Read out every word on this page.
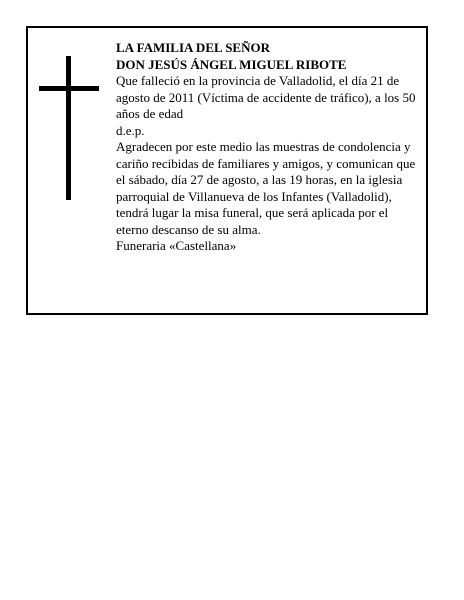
LA FAMILIA DEL SEÑOR

DON JESÚS ÁNGEL MIGUEL RIBOTE

Que falleció en la provincia de Valladolid, el día 21 de agosto de 2011 (Víctima de accidente de tráfico), a los 50 años de edad

d.e.p.

Agradecen por este medio las muestras de condolencia y cariño recibidas de familiares y amigos, y comunican que el sábado, día 27 de agosto, a las 19 horas, en la iglesia parroquial de Villanueva de los Infantes (Valladolid), tendrá lugar la misa funeral, que será aplicada por el eterno descanso de su alma.

Funeraria «Castellana»
